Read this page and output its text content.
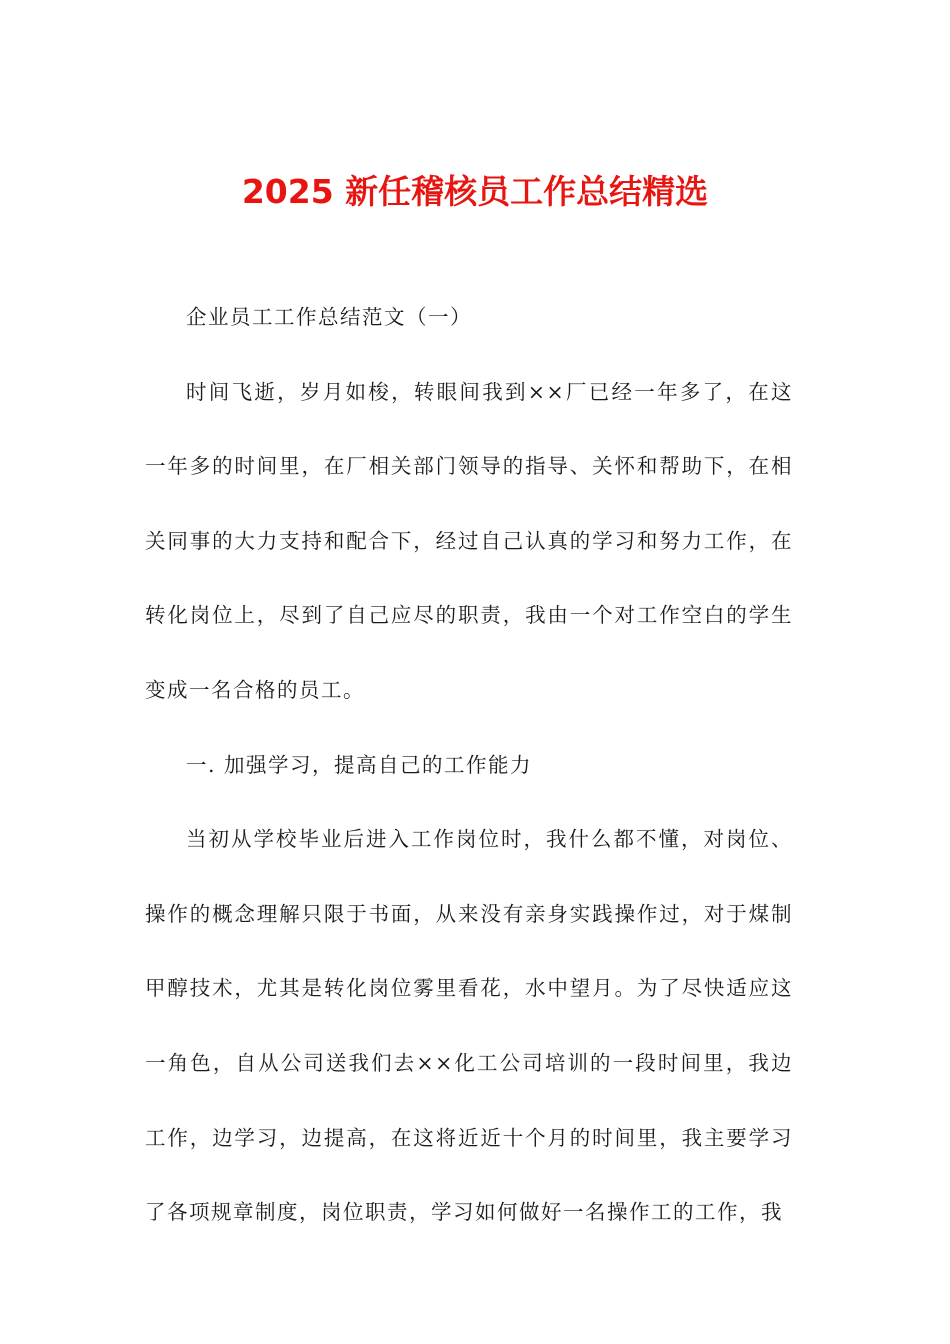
2025 新任稽核员工作总结精选

企业员工工作总结范文（一）

时间飞逝，岁月如梭，转眼间我到××厂已经一年多了，在这一年多的时间里，在厂相关部门领导的指导、关怀和帮助下，在相关同事的大力支持和配合下，经过自己认真的学习和努力工作，在转化岗位上，尽到了自己应尽的职责，我由一个对工作空白的学生变成一名合格的员工。

一. 加强学习，提高自己的工作能力

当初从学校毕业后进入工作岗位时，我什么都不懂，对岗位、操作的概念理解只限于书面，从来没有亲身实践操作过，对于煤制甲醇技术，尤其是转化岗位雾里看花，水中望月。为了尽快适应这一角色，自从公司送我们去××化工公司培训的一段时间里，我边工作，边学习，边提高，在这将近近十个月的时间里，我主要学习了各项规章制度，岗位职责，学习如何做好一名操作工的工作，我
